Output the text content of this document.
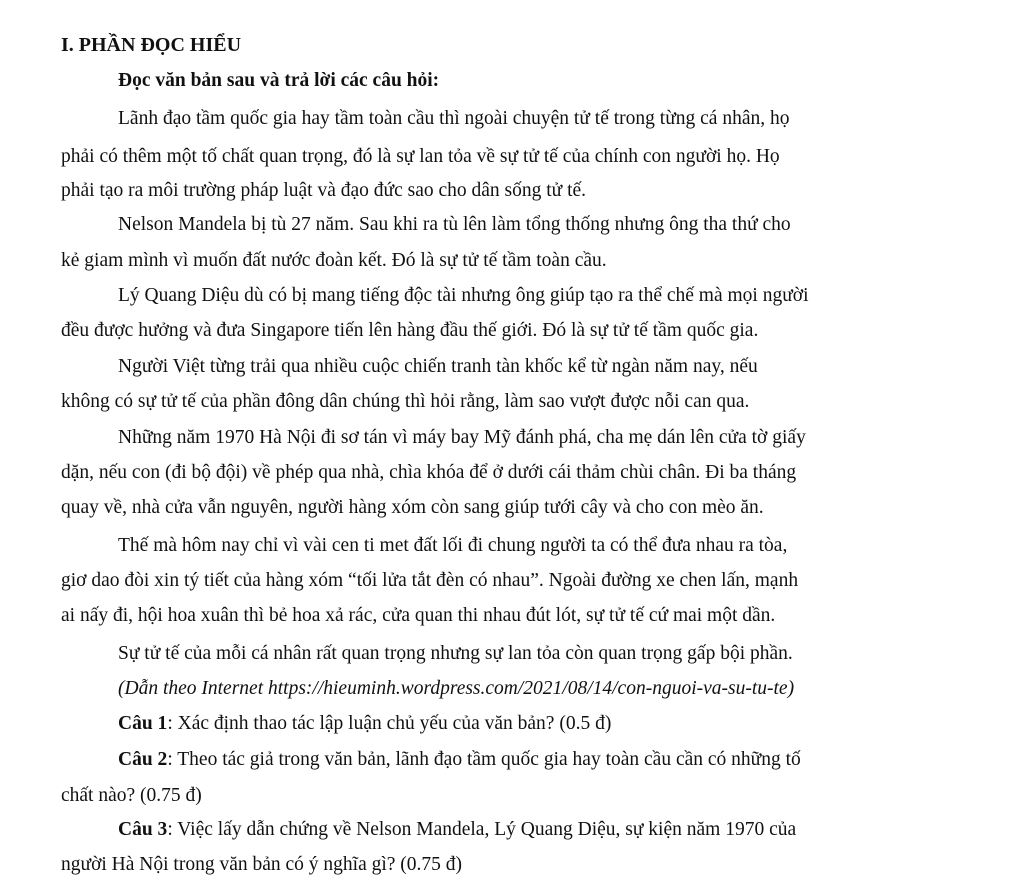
I. PHẦN ĐỌC HIỂU
Đọc văn bản sau và trả lời các câu hỏi:
Lãnh đạo tầm quốc gia hay tầm toàn cầu thì ngoài chuyện tử tế trong từng cá nhân, họ
phải có thêm một tố chất quan trọng, đó là sự lan tỏa về sự tử tế của chính con người họ. Họ
phải tạo ra môi trường pháp luật và đạo đức sao cho dân sống tử tế.
Nelson Mandela bị tù 27 năm. Sau khi ra tù lên làm tổng thống nhưng ông tha thứ cho
kẻ giam mình vì muốn đất nước đoàn kết. Đó là sự tử tế tầm toàn cầu.
Lý Quang Diệu dù có bị mang tiếng độc tài nhưng ông giúp tạo ra thể chế mà mọi người
đều được hưởng và đưa Singapore tiến lên hàng đầu thế giới. Đó là sự tử tế tầm quốc gia.
Người Việt từng trải qua nhiều cuộc chiến tranh tàn khốc kể từ ngàn năm nay, nếu
không có sự tử tế của phần đông dân chúng thì hỏi rằng, làm sao vượt được nỗi can qua.
Những năm 1970 Hà Nội đi sơ tán vì máy bay Mỹ đánh phá, cha mẹ dán lên cửa tờ giấy
dặn, nếu con (đi bộ đội) về phép qua nhà, chìa khóa để ở dưới cái thảm chùi chân. Đi ba tháng
quay về, nhà cửa vẫn nguyên, người hàng xóm còn sang giúp tưới cây và cho con mèo ăn.
Thế mà hôm nay chỉ vì vài cen ti met đất lối đi chung người ta có thể đưa nhau ra tòa,
giơ dao đòi xin tý tiết của hàng xóm “tối lửa tắt đèn có nhau”. Ngoài đường xe chen lấn, mạnh
ai nấy đi, hội hoa xuân thì bẻ hoa xả rác, cửa quan thi nhau đút lót, sự tử tế cứ mai một dần.
Sự tử tế của mỗi cá nhân rất quan trọng nhưng sự lan tỏa còn quan trọng gấp bội phần.
(Dẫn theo Internet https://hieuminh.wordpress.com/2021/08/14/con-nguoi-va-su-tu-te)
Câu 1: Xác định thao tác lập luận chủ yếu của văn bản? (0.5 đ)
Câu 2: Theo tác giả trong văn bản, lãnh đạo tầm quốc gia hay toàn cầu cần có những tố
chất nào? (0.75 đ)
Câu 3: Việc lấy dẫn chứng về Nelson Mandela, Lý Quang Diệu, sự kiện năm 1970 của
người Hà Nội trong văn bản có ý nghĩa gì? (0.75 đ)
